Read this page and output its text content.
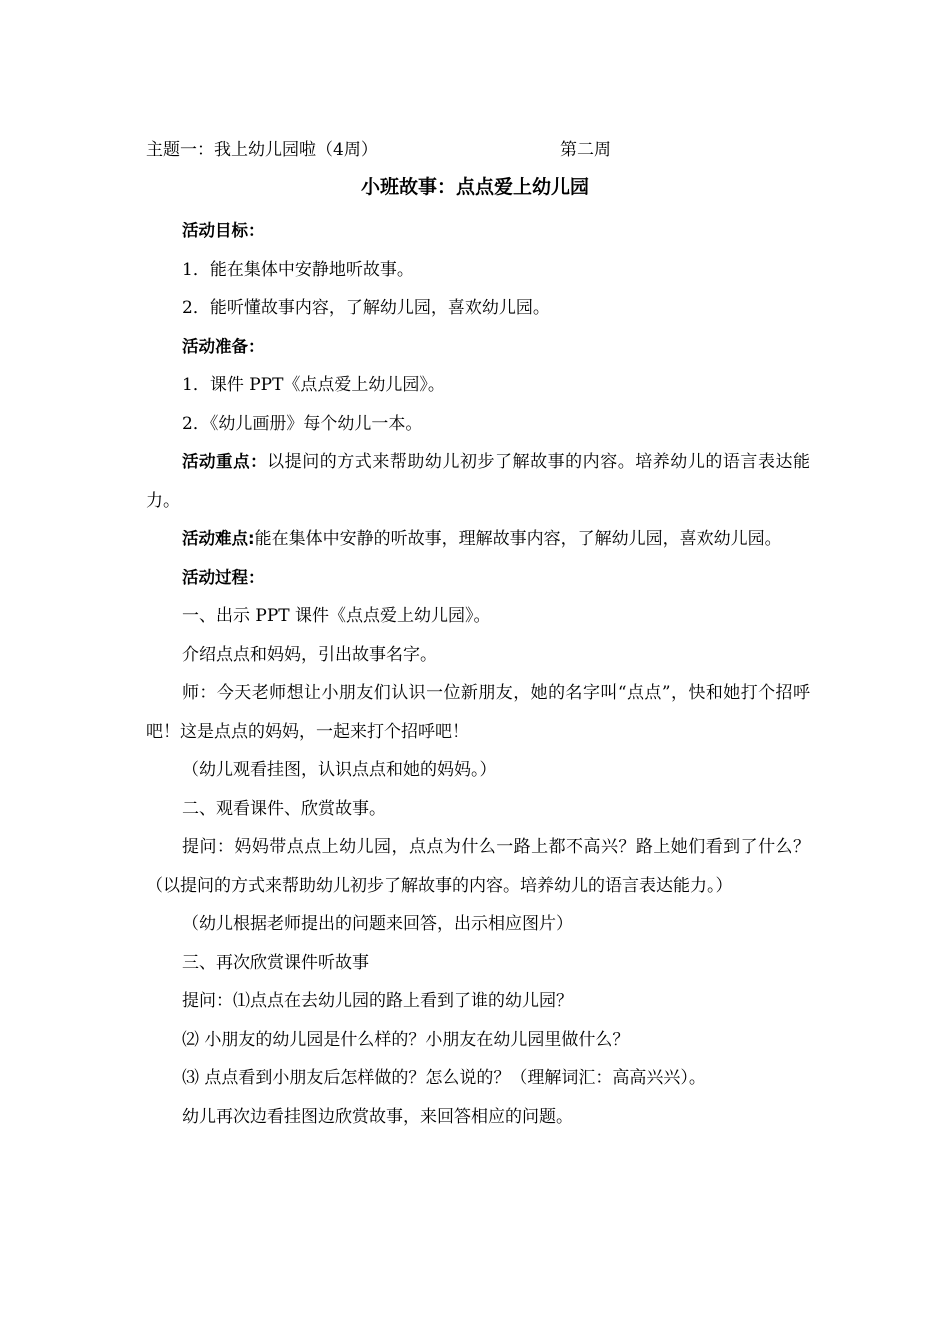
主题一：我上幼儿园啦（4周）	第二周
小班故事：点点爱上幼儿园

活动目标：

1．能在集体中安静地听故事。

2．能听懂故事内容，了解幼儿园，喜欢幼儿园。

活动准备：

1．课件 PPT《点点爱上幼儿园》。

2．《幼儿画册》每个幼儿一本。

活动重点：以提问的方式来帮助幼儿初步了解故事的内容。培养幼儿的语言表达能力。

活动难点:能在集体中安静的听故事，理解故事内容，了解幼儿园，喜欢幼儿园。

活动过程：

一、出示 PPT 课件《点点爱上幼儿园》。

介绍点点和妈妈，引出故事名字。

师：今天老师想让小朋友们认识一位新朋友，她的名字叫“点点”，快和她打个招呼吧！这是点点的妈妈，一起来打个招呼吧！

（幼儿观看挂图，认识点点和她的妈妈。）

二、观看课件、欣赏故事。

提问：妈妈带点点上幼儿园，点点为什么一路上都不高兴？路上她们看到了什么？（以提问的方式来帮助幼儿初步了解故事的内容。培养幼儿的语言表达能力。）

（幼儿根据老师提出的问题来回答，出示相应图片）

三、再次欣赏课件听故事

提问：⑴点点在去幼儿园的路上看到了谁的幼儿园？

⑵ 小朋友的幼儿园是什么样的？小朋友在幼儿园里做什么？

⑶ 点点看到小朋友后怎样做的？怎么说的？（理解词汇：高高兴兴）。

幼儿再次边看挂图边欣赏故事，来回答相应的问题。
